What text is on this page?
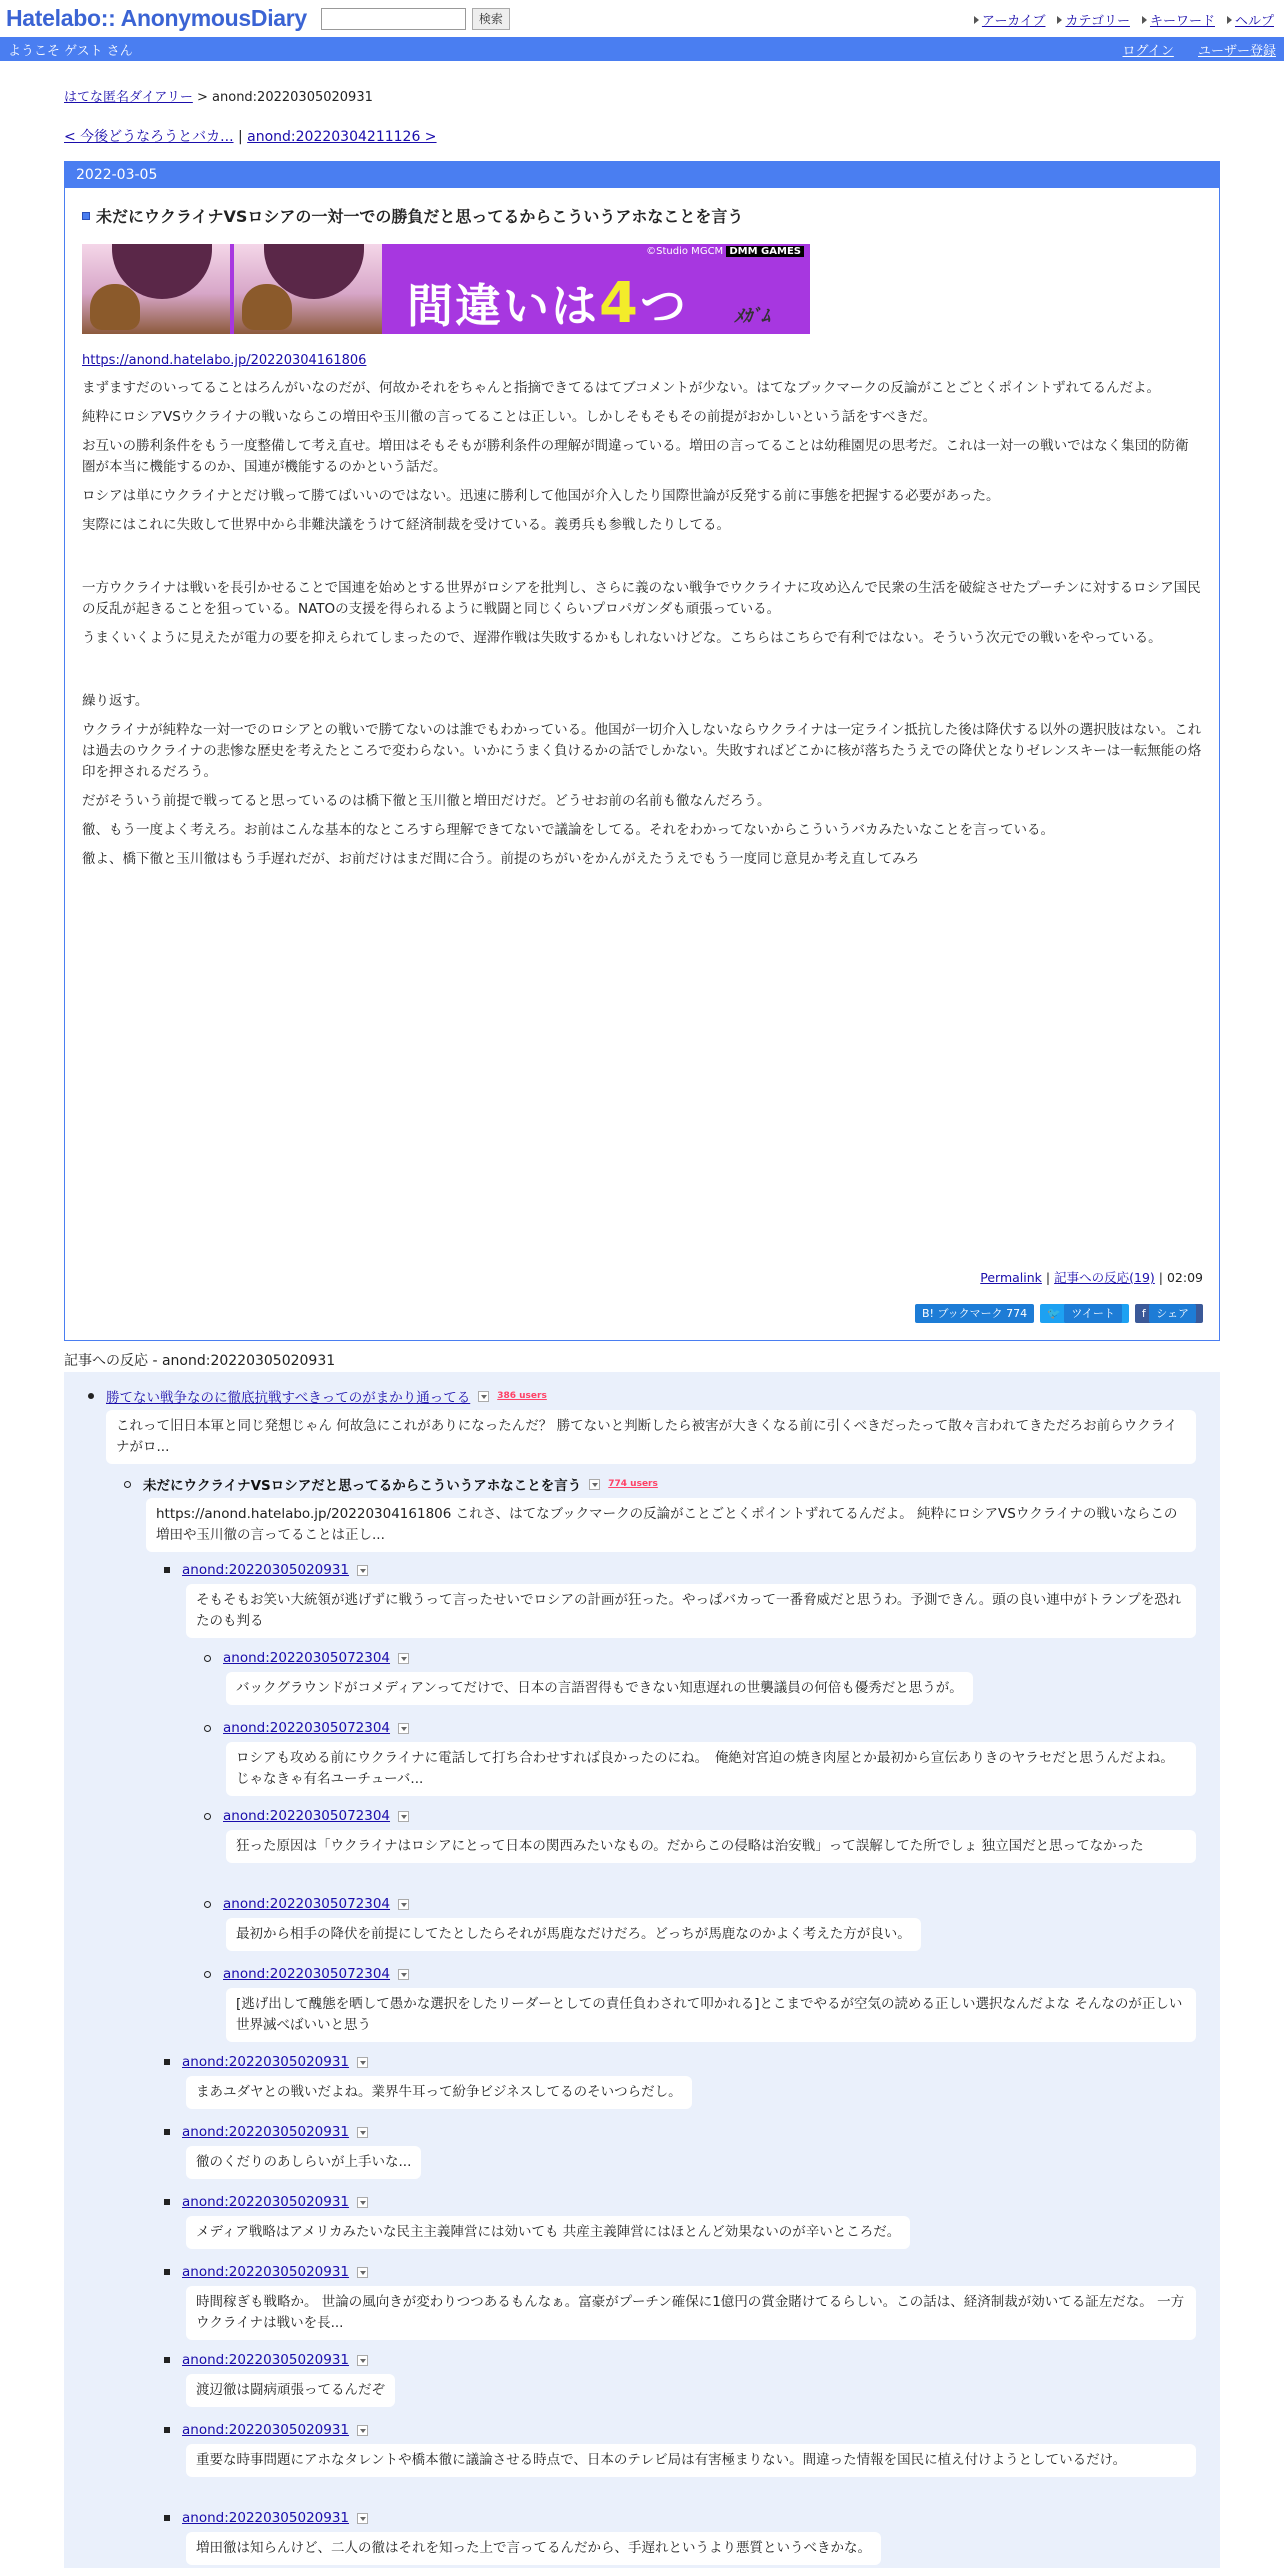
Hatelabo:: AnonymousDiary	検索	アーカイブ カテゴリー キーワード ヘルプ
ようこそ ゲスト さん	ログイン ユーザー登録
はてな匿名ダイアリー > anond:20220305020931
< 今後どうなろうとバカ... | anond:20220304211126 >
2022-03-05
未だにウクライナVSロシアの一対一での勝負だと思ってるからこういうアホなことを言う
間違いは4つ
©Studio MGCM DMM GAMES
ﾒｶﾞﾑ
https://anond.hatelabo.jp/20220304161806

まずますだのいってることはろんがいなのだが、何故かそれをちゃんと指摘できてるはてブコメントが少ない。はてなブックマークの反論がことごとくポイントずれてるんだよ。

純粋にロシアVSウクライナの戦いならこの増田や玉川徹の言ってることは正しい。しかしそもそもその前提がおかしいという話をすべきだ。

お互いの勝利条件をもう一度整備して考え直せ。増田はそもそもが勝利条件の理解が間違っている。増田の言ってることは幼稚園児の思考だ。これは一対一の戦いではなく集団的防衛圏が本当に機能するのか、国連が機能するのかという話だ。

ロシアは単にウクライナとだけ戦って勝てばいいのではない。迅速に勝利して他国が介入したり国際世論が反発する前に事態を把握する必要があった。

実際にはこれに失敗して世界中から非難決議をうけて経済制裁を受けている。義勇兵も参戦したりしてる。

一方ウクライナは戦いを長引かせることで国連を始めとする世界がロシアを批判し、さらに義のない戦争でウクライナに攻め込んで民衆の生活を破綻させたプーチンに対するロシア国民の反乱が起きることを狙っている。NATOの支援を得られるように戦闘と同じくらいプロパガンダも頑張っている。

うまくいくように見えたが電力の要を抑えられてしまったので、遅滞作戦は失敗するかもしれないけどな。こちらはこちらで有利ではない。そういう次元での戦いをやっている。

繰り返す。

ウクライナが純粋な一対一でのロシアとの戦いで勝てないのは誰でもわかっている。他国が一切介入しないならウクライナは一定ライン抵抗した後は降伏する以外の選択肢はない。これは過去のウクライナの悲惨な歴史を考えたところで変わらない。いかにうまく負けるかの話でしかない。失敗すればどこかに核が落ちたうえでの降伏となりゼレンスキーは一転無能の烙印を押されるだろう。

だがそういう前提で戦ってると思っているのは橋下徹と玉川徹と増田だけだ。どうせお前の名前も徹なんだろう。

徹、もう一度よく考えろ。お前はこんな基本的なところすら理解できてないで議論をしてる。それをわかってないからこういうバカみたいなことを言っている。

徹よ、橋下徹と玉川徹はもう手遅れだが、お前だけはまだ間に合う。前提のちがいをかんがえたうえでもう一度同じ意見か考え直してみろ

Permalink | 記事への反応(19) | 02:09
B! ブックマーク 774	🐦 ツイート	f シェア
記事への反応 - anond:20220305020931
勝てない戦争なのに徹底抗戦すべきってのがまかり通ってる	386 users
これって旧日本軍と同じ発想じゃん 何故急にこれがありになったんだ？ 勝てないと判断したら被害が大きくなる前に引くべきだったって散々言われてきただろお前らウクライナがロ...
未だにウクライナVSロシアだと思ってるからこういうアホなことを言う	774 users
https://anond.hatelabo.jp/20220304161806 これさ、はてなブックマークの反論がことごとくポイントずれてるんだよ。 純粋にロシアVSウクライナの戦いならこの増田や玉川徹の言ってることは正し...
anond:20220305020931
そもそもお笑い大統領が逃げずに戦うって言ったせいでロシアの計画が狂った。やっぱバカって一番脅威だと思うわ。予測できん。頭の良い連中がトランプを恐れたのも判る
anond:20220305072304
バックグラウンドがコメディアンってだけで、日本の言語習得もできない知恵遅れの世襲議員の何倍も優秀だと思うが。
anond:20220305072304
ロシアも攻める前にウクライナに電話して打ち合わせすれば良かったのにね。　俺絶対宮迫の焼き肉屋とか最初から宣伝ありきのヤラセだと思うんだよね。じゃなきゃ有名ユーチューバ...
anond:20220305072304
狂った原因は「ウクライナはロシアにとって日本の関西みたいなもの。だからこの侵略は治安戦」って誤解してた所でしょ 独立国だと思ってなかった
anond:20220305072304
最初から相手の降伏を前提にしてたとしたらそれが馬鹿なだけだろ。どっちが馬鹿なのかよく考えた方が良い。
anond:20220305072304
[逃げ出して醜態を晒して愚かな選択をしたリーダーとしての責任負わされて叩かれる]とこまでやるが空気の読める正しい選択なんだよな そんなのが正しい世界滅べばいいと思う
anond:20220305020931
まあユダヤとの戦いだよね。業界牛耳って紛争ビジネスしてるのそいつらだし。
anond:20220305020931
徹のくだりのあしらいが上手いな...
anond:20220305020931
メディア戦略はアメリカみたいな民主主義陣営には効いても 共産主義陣営にはほとんど効果ないのが辛いところだ。
anond:20220305020931
時間稼ぎも戦略か。 世論の風向きが変わりつつあるもんなぁ。富豪がプーチン確保に1億円の賞金賭けてるらしい。この話は、経済制裁が効いてる証左だな。 一方ウクライナは戦いを長...
anond:20220305020931
渡辺徹は闘病頑張ってるんだぞ
anond:20220305020931
重要な時事問題にアホなタレントや橋本徹に議論させる時点で、日本のテレビ局は有害極まりない。間違った情報を国民に植え付けようとしているだけ。
anond:20220305020931
増田徹は知らんけど、二人の徹はそれを知った上で言ってるんだから、手遅れというより悪質というべきかな。
